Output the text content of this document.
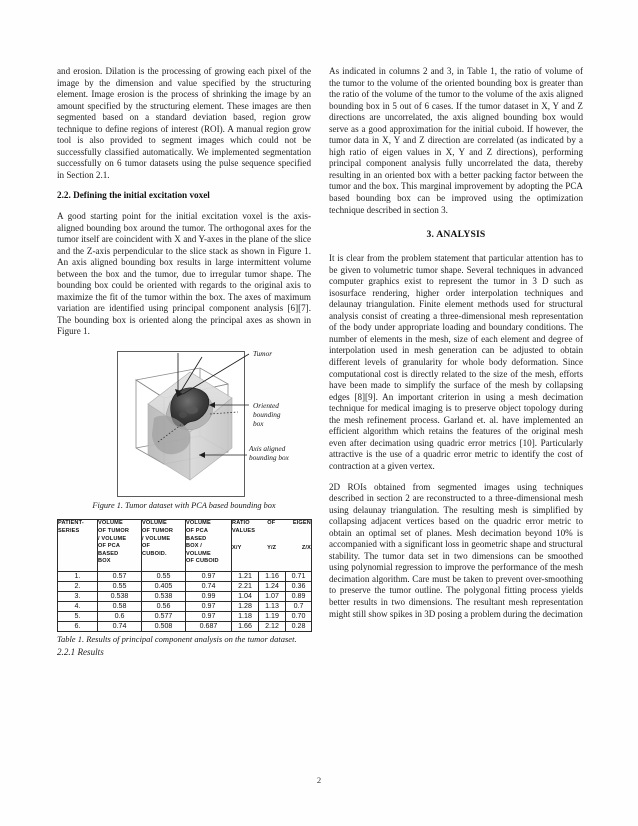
and erosion. Dilation is the processing of growing each pixel of the image by the dimension and value specified by the structuring element. Image erosion is the process of shrinking the image by an amount specified by the structuring element. These images are then segmented based on a standard deviation based, region grow technique to define regions of interest (ROI). A manual region grow tool is also provided to segment images which could not be successfully classified automatically. We implemented segmentation successfully on 6 tumor datasets using the pulse sequence specified in Section 2.1.

2.2. Defining the initial excitation voxel

A good starting point for the initial excitation voxel is the axis-aligned bounding box around the tumor. The orthogonal axes for the tumor itself are coincident with X and Y-axes in the plane of the slice and the Z-axis perpendicular to the slice stack as shown in Figure 1. An axis aligned bounding box results in large intermittent volume between the box and the tumor, due to irregular tumor shape. The bounding box could be oriented with regards to the original axis to maximize the fit of the tumor within the box. The axes of maximum variation are identified using principal component analysis [6][7]. The bounding box is oriented along the principal axes as shown in Figure 1.

Tumor
Oriented
bounding
box
Axis aligned
bounding box
Figure 1. Tumor dataset with PCA based bounding box
PATIENT-
SERIES

VOLUME
OF TUMOR
/ VOLUME
OF PCA
BASED
BOX

VOLUME
OF TUMOR
/ VOLUME
OF
CUBOID.

VOLUME
OF PCA
BASED
BOX /
VOLUME
OF CUBOID

RATIO	OF	EIGEN
VALUES
X/Y	Y/Z	Z/X

1.	0.57	0.55	0.97	1.21	1.16	0.71
2.	0.55	0.405	0.74	2.21	1.24	0.36
3.	0.538	0.538	0.99	1.04	1.07	0.89
4.	0.58	0.56	0.97	1.28	1.13	0.7
5.	0.6	0.577	0.97	1.18	1.19	0.70
6.	0.74	0.508	0.687	1.66	2.12	0.28

Table 1. Results of principal component analysis on the tumor dataset.

2.2.1 Results

As indicated in columns 2 and 3, in Table 1, the ratio of volume of the tumor to the volume of the oriented bounding box is greater than the ratio of the volume of the tumor to the volume of the axis aligned bounding box in 5 out of 6 cases. If the tumor dataset in X, Y and Z directions are uncorrelated, the axis aligned bounding box would serve as a good approximation for the initial cuboid. If however, the tumor data in X, Y and Z direction are correlated (as indicated by a high ratio of eigen values in X, Y and Z directions), performing principal component analysis fully uncorrelated the data, thereby resulting in an oriented box with a better packing factor between the tumor and the box. This marginal improvement by adopting the PCA based bounding box can be improved using the optimization technique described in section 3.

3. ANALYSIS

It is clear from the problem statement that particular attention has to be given to volumetric tumor shape. Several techniques in advanced computer graphics exist to represent the tumor in 3 D such as isosurface rendering, higher order interpolation techniques and delaunay triangulation. Finite element methods used for structural analysis consist of creating a three-dimensional mesh representation of the body under appropriate loading and boundary conditions. The number of elements in the mesh, size of each element and degree of interpolation used in mesh generation can be adjusted to obtain different levels of granularity for whole body deformation. Since computational cost is directly related to the size of the mesh, efforts have been made to simplify the surface of the mesh by collapsing edges [8][9]. An important criterion in using a mesh decimation technique for medical imaging is to preserve object topology during the mesh refinement process. Garland et. al. have implemented an efficient algorithm which retains the features of the original mesh even after decimation using quadric error metrics [10]. Particularly attractive is the use of a quadric error metric to identify the cost of contraction at a given vertex.

2D ROIs obtained from segmented images using techniques described in section 2 are reconstructed to a three-dimensional mesh using delaunay triangulation. The resulting mesh is simplified by collapsing adjacent vertices based on the quadric error metric to obtain an optimal set of planes. Mesh decimation beyond 10% is accompanied with a significant loss in geometric shape and structural stability. The tumor data set in two dimensions can be smoothed using polynomial regression to improve the performance of the mesh decimation algorithm. Care must be taken to prevent over-smoothing to preserve the tumor outline. The polygonal fitting process yields better results in two dimensions. The resultant mesh representation might still show spikes in 3D posing a problem during the decimation

2
